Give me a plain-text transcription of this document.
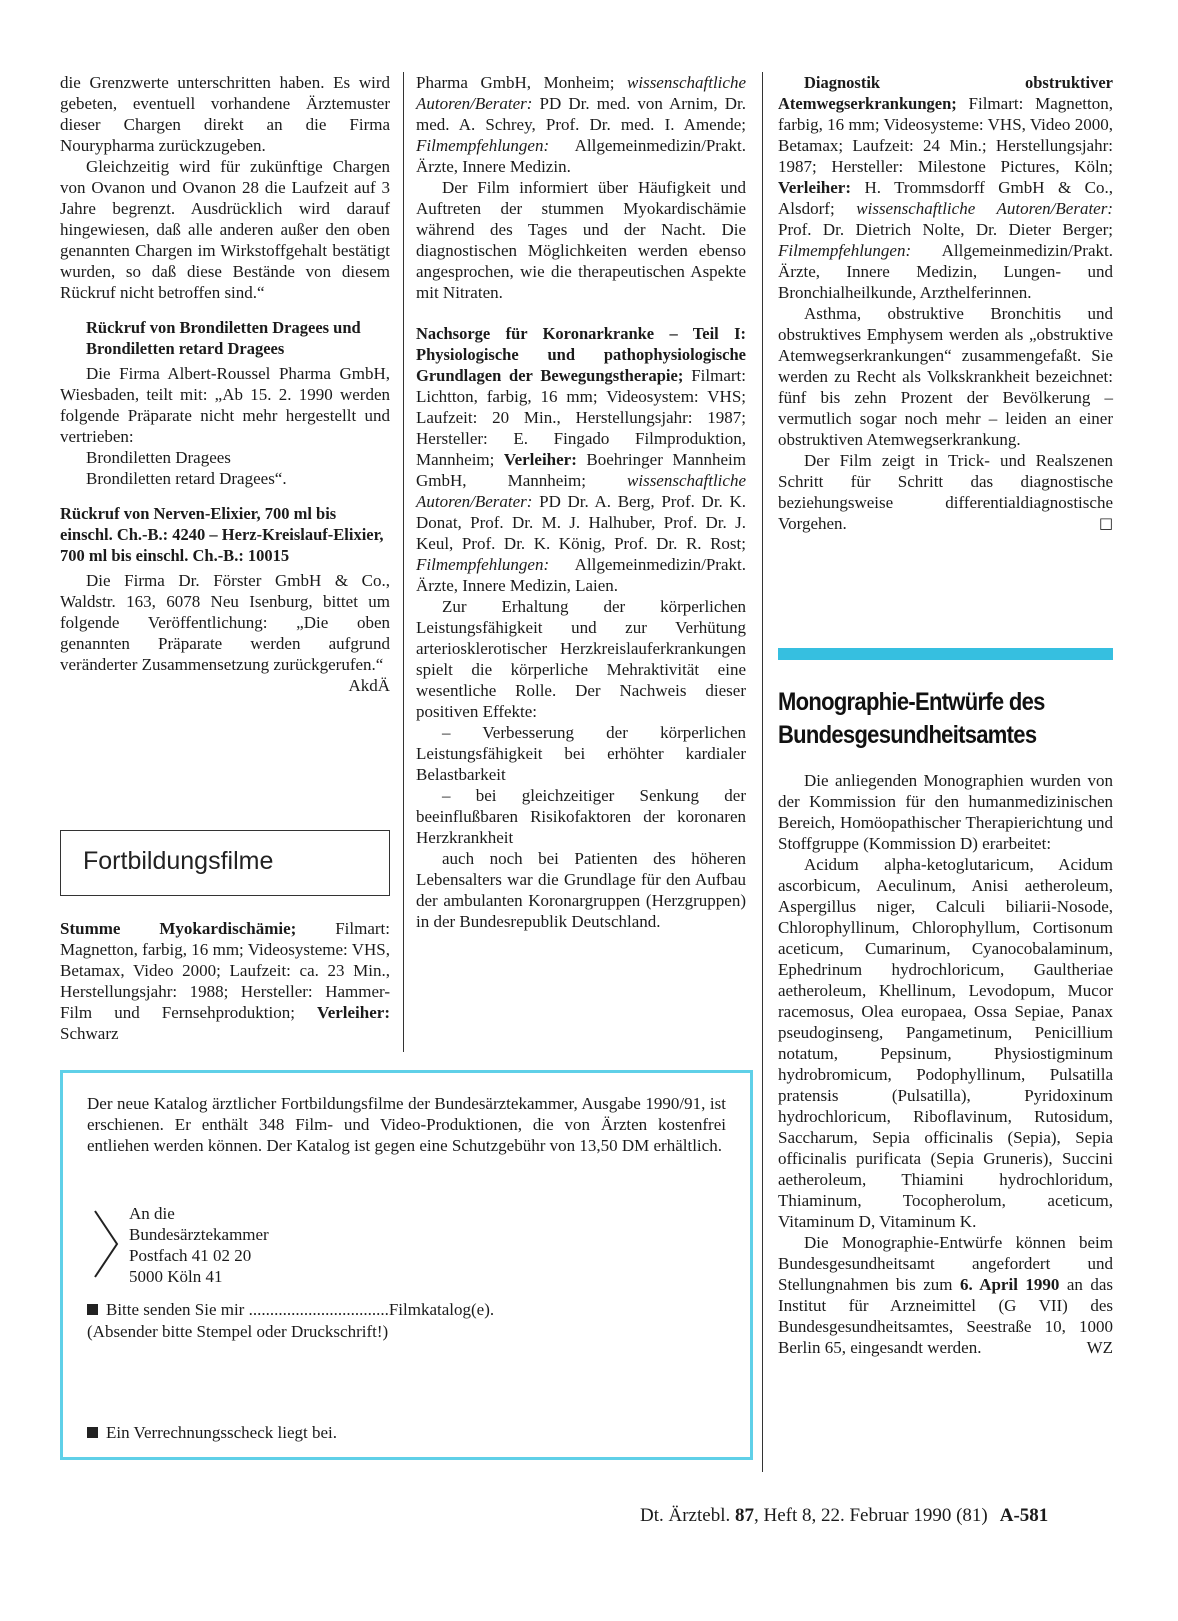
die Grenzwerte unterschritten haben. Es wird gebeten, eventuell vorhandene Ärztemuster dieser Chargen direkt an die Firma Nourypharma zurückzugeben.

Gleichzeitig wird für zukünftige Chargen von Ovanon und Ovanon 28 die Laufzeit auf 3 Jahre begrenzt. Ausdrücklich wird darauf hingewiesen, daß alle anderen außer den oben genannten Chargen im Wirkstoffgehalt bestätigt wurden, so daß diese Bestände von diesem Rückruf nicht betroffen sind.“

Rückruf von Brondiletten Dragees und Brondiletten retard Dragees

Die Firma Albert-Roussel Pharma GmbH, Wiesbaden, teilt mit: „Ab 15. 2. 1990 werden folgende Präparate nicht mehr hergestellt und vertrieben:
Brondiletten Dragees
Brondiletten retard Dragees“.

Rückruf von Nerven-Elixier, 700 ml bis einschl. Ch.-B.: 4240 – Herz-Kreislauf-Elixier, 700 ml bis einschl. Ch.-B.: 10015

Die Firma Dr. Förster GmbH & Co., Waldstr. 163, 6078 Neu Isenburg, bittet um folgende Veröffentlichung: „Die oben genannten Präparate werden aufgrund veränderter Zusammensetzung zurückgerufen.“
AkdÄ

Fortbildungsfilme

Stumme Myokardischämie; Filmart: Magnetton, farbig, 16 mm; Videosysteme: VHS, Betamax, Video 2000; Laufzeit: ca. 23 Min., Herstellungsjahr: 1988; Hersteller: Hammer-Film und Fernsehproduktion; Verleiher: Schwarz

Pharma GmbH, Monheim; wissenschaftliche Autoren/Berater: PD Dr. med. von Arnim, Dr. med. A. Schrey, Prof. Dr. med. I. Amende; Filmempfehlungen: Allgemeinmedizin/Prakt. Ärzte, Innere Medizin.

Der Film informiert über Häufigkeit und Auftreten der stummen Myokardischämie während des Tages und der Nacht. Die diagnostischen Möglichkeiten werden ebenso angesprochen, wie die therapeutischen Aspekte mit Nitraten.

Nachsorge für Koronarkranke – Teil I: Physiologische und pathophysiologische Grundlagen der Bewegungstherapie; Filmart: Lichtton, farbig, 16 mm; Videosystem: VHS; Laufzeit: 20 Min., Herstellungsjahr: 1987; Hersteller: E. Fingado Filmproduktion, Mannheim; Verleiher: Boehringer Mannheim GmbH, Mannheim; wissenschaftliche Autoren/Berater: PD Dr. A. Berg, Prof. Dr. K. Donat, Prof. Dr. M. J. Halhuber, Prof. Dr. J. Keul, Prof. Dr. K. König, Prof. Dr. R. Rost; Filmempfehlungen: Allgemeinmedizin/Prakt. Ärzte, Innere Medizin, Laien.

Zur Erhaltung der körperlichen Leistungsfähigkeit und zur Verhütung arteriosklerotischer Herzkreislauferkrankungen spielt die körperliche Mehraktivität eine wesentliche Rolle. Der Nachweis dieser positiven Effekte:

– Verbesserung der körperlichen Leistungsfähigkeit bei erhöhter kardialer Belastbarkeit

– bei gleichzeitiger Senkung der beeinflußbaren Risikofaktoren der koronaren Herzkrankheit

auch noch bei Patienten des höheren Lebensalters war die Grundlage für den Aufbau der ambulanten Koronargruppen (Herzgruppen) in der Bundesrepublik Deutschland.

Diagnostik obstruktiver Atemwegserkrankungen; Filmart: Magnetton, farbig, 16 mm; Videosysteme: VHS, Video 2000, Betamax; Laufzeit: 24 Min.; Herstellungsjahr: 1987; Hersteller: Milestone Pictures, Köln; Verleiher: H. Trommsdorff GmbH & Co., Alsdorf; wissenschaftliche Autoren/Berater: Prof. Dr. Dietrich Nolte, Dr. Dieter Berger; Filmempfehlungen: Allgemeinmedizin/Prakt. Ärzte, Innere Medizin, Lungen- und Bronchialheilkunde, Arzthelferinnen.

Asthma, obstruktive Bronchitis und obstruktives Emphysem werden als „obstruktive Atemwegserkrankungen“ zusammengefaßt. Sie werden zu Recht als Volkskrankheit bezeichnet: fünf bis zehn Prozent der Bevölkerung – vermutlich sogar noch mehr – leiden an einer obstruktiven Atemwegserkrankung.

Der Film zeigt in Trick- und Realszenen Schritt für Schritt das diagnostische beziehungsweise differentialdiagnostische Vorgehen.	□

Monographie-Entwürfe des Bundesgesundheitsamtes

Die anliegenden Monographien wurden von der Kommission für den humanmedizinischen Bereich, Homöopathischer Therapierichtung und Stoffgruppe (Kommission D) erarbeitet:

Acidum alpha-ketoglutaricum, Acidum ascorbicum, Aeculinum, Anisi aetheroleum, Aspergillus niger, Calculi biliarii-Nosode, Chlorophyllinum, Chlorophyllum, Cortisonum aceticum, Cumarinum, Cyanocobalaminum, Ephedrinum hydrochloricum, Gaultheriae aetheroleum, Khellinum, Levodopum, Mucor racemosus, Olea europaea, Ossa Sepiae, Panax pseudoginseng, Pangametinum, Penicillium notatum, Pepsinum, Physiostigminum hydrobromicum, Podophyllinum, Pulsatilla pratensis (Pulsatilla), Pyridoxinum hydrochloricum, Riboflavinum, Rutosidum, Saccharum, Sepia officinalis (Sepia), Sepia officinalis purificata (Sepia Gruneris), Succini aetheroleum, Thiamini hydrochloridum, Thiaminum, Tocopherolum, aceticum, Vitaminum D, Vitaminum K.

Die Monographie-Entwürfe können beim Bundesgesundheitsamt angefordert und Stellungnahmen bis zum 6. April 1990 an das Institut für Arzneimittel (G VII) des Bundesgesundheitsamtes, Seestraße 10, 1000 Berlin 65, eingesandt werden.	WZ

Der neue Katalog ärztlicher Fortbildungsfilme der Bundesärztekammer, Ausgabe 1990/91, ist erschienen. Er enthält 348 Film- und Video-Produktionen, die von Ärzten kostenfrei entliehen werden können. Der Katalog ist gegen eine Schutzgebühr von 13,50 DM erhältlich.
An die
Bundesärztekammer
Postfach 41 02 20
5000 Köln 41
Bitte senden Sie mir .................................Filmkatalog(e).
(Absender bitte Stempel oder Druckschrift!)
Ein Verrechnungsscheck liegt bei.
Dt. Ärztebl. 87, Heft 8, 22. Februar 1990 (81) A-581
